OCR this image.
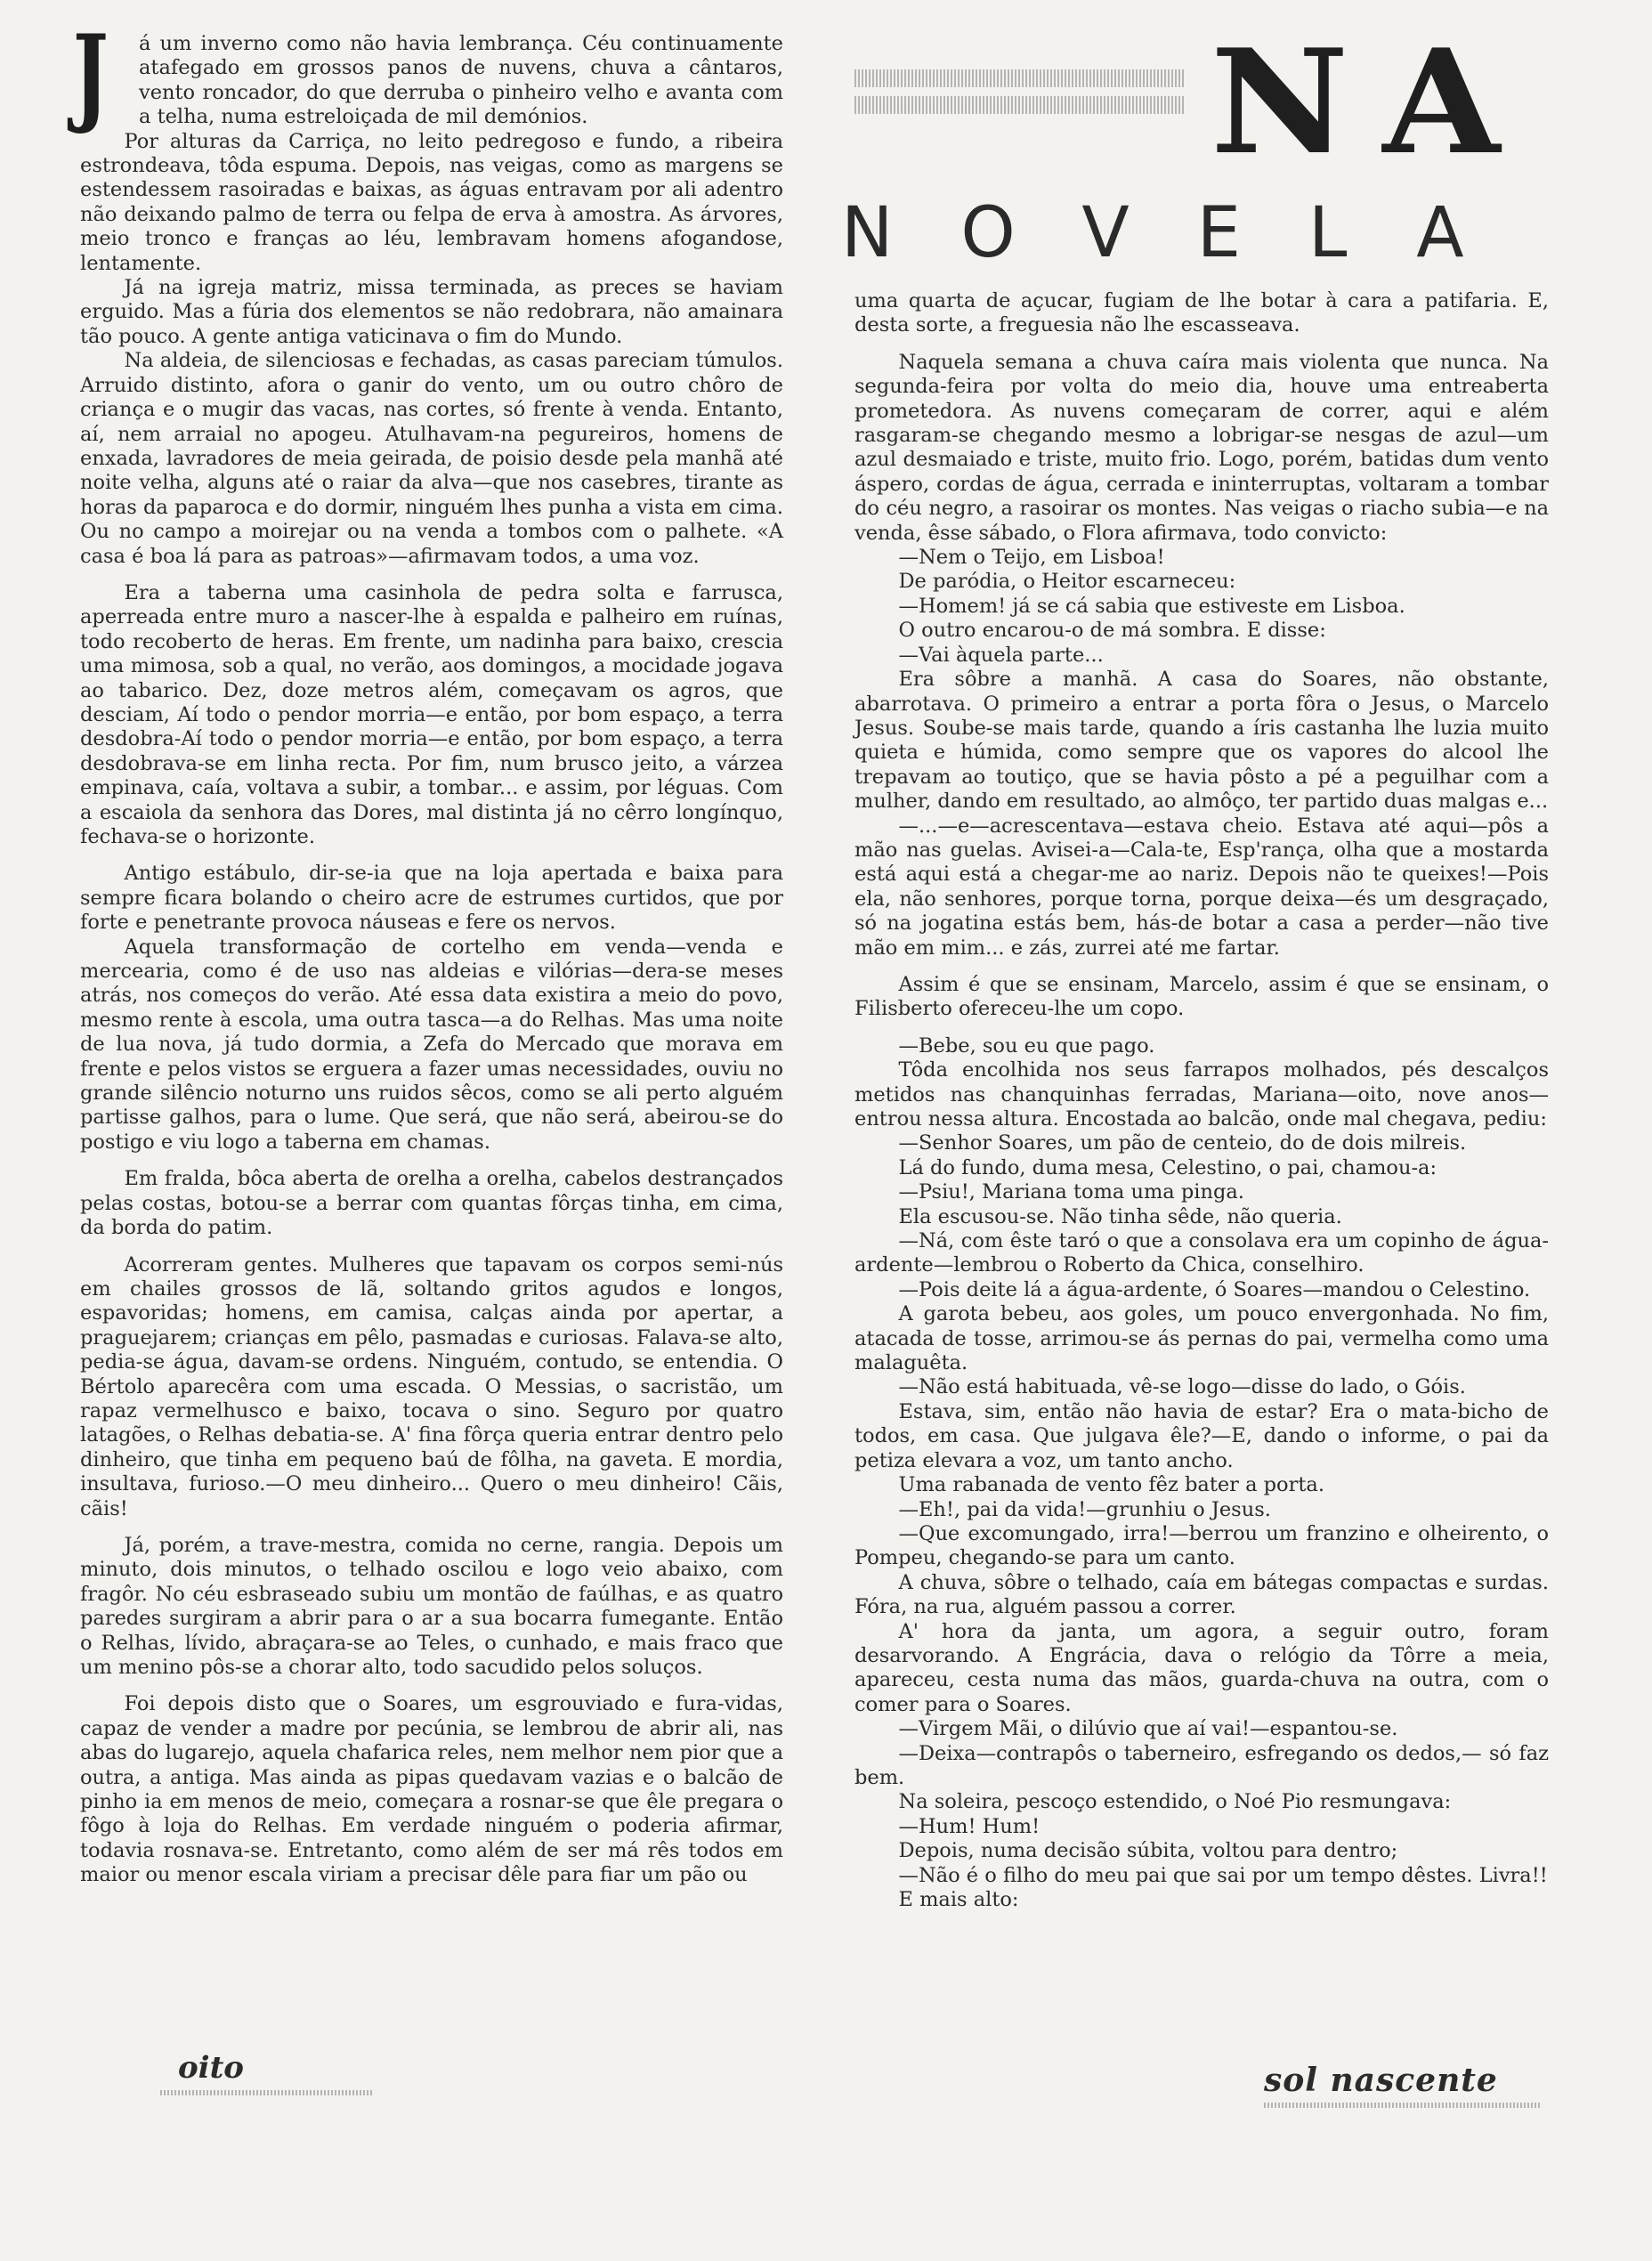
NA
NOVELA
J	á um inverno como não havia lembrança. Céu continuamente atafegado em grossos panos de nuvens, chuva a cântaros, vento roncador, do que derruba o pinheiro velho e avanta com a telha, numa estreloiçada de mil demónios.

Por alturas da Carriça, no leito pedregoso e fundo, a ribeira estrondeava, tôda espuma. Depois, nas veigas, como as margens se estendessem rasoiradas e baixas, as águas entravam por ali adentro não deixando palmo de terra ou felpa de erva à amostra. As árvores, meio tronco e franças ao léu, lembravam homens afogandose, lentamente.

Já na igreja matriz, missa terminada, as preces se haviam erguido. Mas a fúria dos elementos se não redobrara, não amainara tão pouco. A gente antiga vaticinava o fim do Mundo.

Na aldeia, de silenciosas e fechadas, as casas pareciam túmulos. Arruido distinto, afora o ganir do vento, um ou outro chôro de criança e o mugir das vacas, nas cortes, só frente à venda. Entanto, aí, nem arraial no apogeu. Atulhavam-na pegureiros, homens de enxada, lavradores de meia geirada, de poisio desde pela manhã até noite velha, alguns até o raiar da alva—que nos casebres, tirante as horas da paparoca e do dormir, ninguém lhes punha a vista em cima. Ou no campo a moirejar ou na venda a tombos com o palhete. «A casa é boa lá para as patroas»—afirmavam todos, a uma voz.

Era a taberna uma casinhola de pedra solta e farrusca, aperreada entre muro a nascer-lhe à espalda e palheiro em ruínas, todo recoberto de heras. Em frente, um nadinha para baixo, crescia uma mimosa, sob a qual, no verão, aos domingos, a mocidade jogava ao tabarico. Dez, doze metros além, começavam os agros, que desciam, Aí todo o pendor morria—e então, por bom espaço, a terra desdobra-Aí todo o pendor morria—e então, por bom espaço, a terra desdobrava-se em linha recta. Por fim, num brusco jeito, a várzea empinava, caía, voltava a subir, a tombar... e assim, por léguas. Com a escaiola da senhora das Dores, mal distinta já no cêrro longínquo, fechava-se o horizonte.

Antigo estábulo, dir-se-ia que na loja apertada e baixa para sempre ficara bolando o cheiro acre de estrumes curtidos, que por forte e penetrante provoca náuseas e fere os nervos.

Aquela transformação de cortelho em venda—venda e mercearia, como é de uso nas aldeias e vilórias—dera-se meses atrás, nos começos do verão. Até essa data existira a meio do povo, mesmo rente à escola, uma outra tasca—a do Relhas. Mas uma noite de lua nova, já tudo dormia, a Zefa do Mercado que morava em frente e pelos vistos se erguera a fazer umas necessidades, ouviu no grande silêncio noturno uns ruidos sêcos, como se ali perto alguém partisse galhos, para o lume. Que será, que não será, abeirou-se do postigo e viu logo a taberna em chamas.

Em fralda, bôca aberta de orelha a orelha, cabelos destrançados pelas costas, botou-se a berrar com quantas fôrças tinha, em cima, da borda do patim.

Acorreram gentes. Mulheres que tapavam os corpos semi-nús em chailes grossos de lã, soltando gritos agudos e longos, espavoridas; homens, em camisa, calças ainda por apertar, a praguejarem; crianças em pêlo, pasmadas e curiosas. Falava-se alto, pedia-se água, davam-se ordens. Ninguém, contudo, se entendia. O Bértolo aparecêra com uma escada. O Messias, o sacristão, um rapaz vermelhusco e baixo, tocava o sino. Seguro por quatro latagões, o Relhas debatia-se. A' fina fôrça queria entrar dentro pelo dinheiro, que tinha em pequeno baú de fôlha, na gaveta. E mordia, insultava, furioso.—O meu dinheiro... Quero o meu dinheiro! Cãis, cãis!

Já, porém, a trave-mestra, comida no cerne, rangia. Depois um minuto, dois minutos, o telhado oscilou e logo veio abaixo, com fragôr. No céu esbraseado subiu um montão de faúlhas, e as quatro paredes surgiram a abrir para o ar a sua bocarra fumegante. Então o Relhas, lívido, abraçara-se ao Teles, o cunhado, e mais fraco que um menino pôs-se a chorar alto, todo sacudido pelos soluços.

Foi depois disto que o Soares, um esgrouviado e fura-vidas, capaz de vender a madre por pecúnia, se lembrou de abrir ali, nas abas do lugarejo, aquela chafarica reles, nem melhor nem pior que a outra, a antiga. Mas ainda as pipas quedavam vazias e o balcão de pinho ia em menos de meio, começara a rosnar-se que êle pregara o fôgo à loja do Relhas. Em verdade ninguém o poderia afirmar, todavia rosnava-se. Entretanto, como além de ser má rês todos em maior ou menor escala viriam a precisar dêle para fiar um pão ou

uma quarta de açucar, fugiam de lhe botar à cara a patifaria. E, desta sorte, a freguesia não lhe escasseava.

Naquela semana a chuva caíra mais violenta que nunca. Na segunda-feira por volta do meio dia, houve uma entreaberta prometedora. As nuvens começaram de correr, aqui e além rasgaram-se chegando mesmo a lobrigar-se nesgas de azul—um azul desmaiado e triste, muito frio. Logo, porém, batidas dum vento áspero, cordas de água, cerrada e ininterruptas, voltaram a tombar do céu negro, a rasoirar os montes. Nas veigas o riacho subia—e na venda, êsse sábado, o Flora afirmava, todo convicto:

—Nem o Teijo, em Lisboa!

De paródia, o Heitor escarneceu:

—Homem! já se cá sabia que estiveste em Lisboa.

O outro encarou-o de má sombra. E disse:

—Vai àquela parte...

Era sôbre a manhã. A casa do Soares, não obstante, abarrotava. O primeiro a entrar a porta fôra o Jesus, o Marcelo Jesus. Soube-se mais tarde, quando a íris castanha lhe luzia muito quieta e húmida, como sempre que os vapores do alcool lhe trepavam ao toutiço, que se havia pôsto a pé a peguilhar com a mulher, dando em resultado, ao almôço, ter partido duas malgas e...

—...—e—acrescentava—estava cheio. Estava até aqui—pôs a mão nas guelas. Avisei-a—Cala-te, Esp'rança, olha que a mostarda está aqui está a chegar-me ao nariz. Depois não te queixes!—Pois ela, não senhores, porque torna, porque deixa—és um desgraçado, só na jogatina estás bem, hás-de botar a casa a perder—não tive mão em mim... e zás, zurrei até me fartar.

Assim é que se ensinam, Marcelo, assim é que se ensinam, o Filisberto ofereceu-lhe um copo.

—Bebe, sou eu que pago.

Tôda encolhida nos seus farrapos molhados, pés descalços metidos nas chanquinhas ferradas, Mariana—oito, nove anos—entrou nessa altura. Encostada ao balcão, onde mal chegava, pediu:

—Senhor Soares, um pão de centeio, do de dois milreis.

Lá do fundo, duma mesa, Celestino, o pai, chamou-a:

—Psiu!, Mariana toma uma pinga.

Ela escusou-se. Não tinha sêde, não queria.

—Ná, com êste taró o que a consolava era um copinho de água-ardente—lembrou o Roberto da Chica, conselhiro.

—Pois deite lá a água-ardente, ó Soares—mandou o Celestino.

A garota bebeu, aos goles, um pouco envergonhada. No fim, atacada de tosse, arrimou-se ás pernas do pai, vermelha como uma malaguêta.

—Não está habituada, vê-se logo—disse do lado, o Góis.

Estava, sim, então não havia de estar? Era o mata-bicho de todos, em casa. Que julgava êle?—E, dando o informe, o pai da petiza elevara a voz, um tanto ancho.

Uma rabanada de vento fêz bater a porta.

—Eh!, pai da vida!—grunhiu o Jesus.

—Que excomungado, irra!—berrou um franzino e olheirento, o Pompeu, chegando-se para um canto.

A chuva, sôbre o telhado, caía em bátegas compactas e surdas. Fóra, na rua, alguém passou a correr.

A' hora da janta, um agora, a seguir outro, foram desarvorando. A Engrácia, dava o relógio da Tôrre a meia, apareceu, cesta numa das mãos, guarda-chuva na outra, com o comer para o Soares.

—Virgem Mãi, o dilúvio que aí vai!—espantou-se.

—Deixa—contrapôs o taberneiro, esfregando os dedos,— só faz bem.

Na soleira, pescoço estendido, o Noé Pio resmungava:

—Hum! Hum!

Depois, numa decisão súbita, voltou para dentro;

—Não é o filho do meu pai que sai por um tempo dêstes. Livra!!

E mais alto:

oito	sol nascente
